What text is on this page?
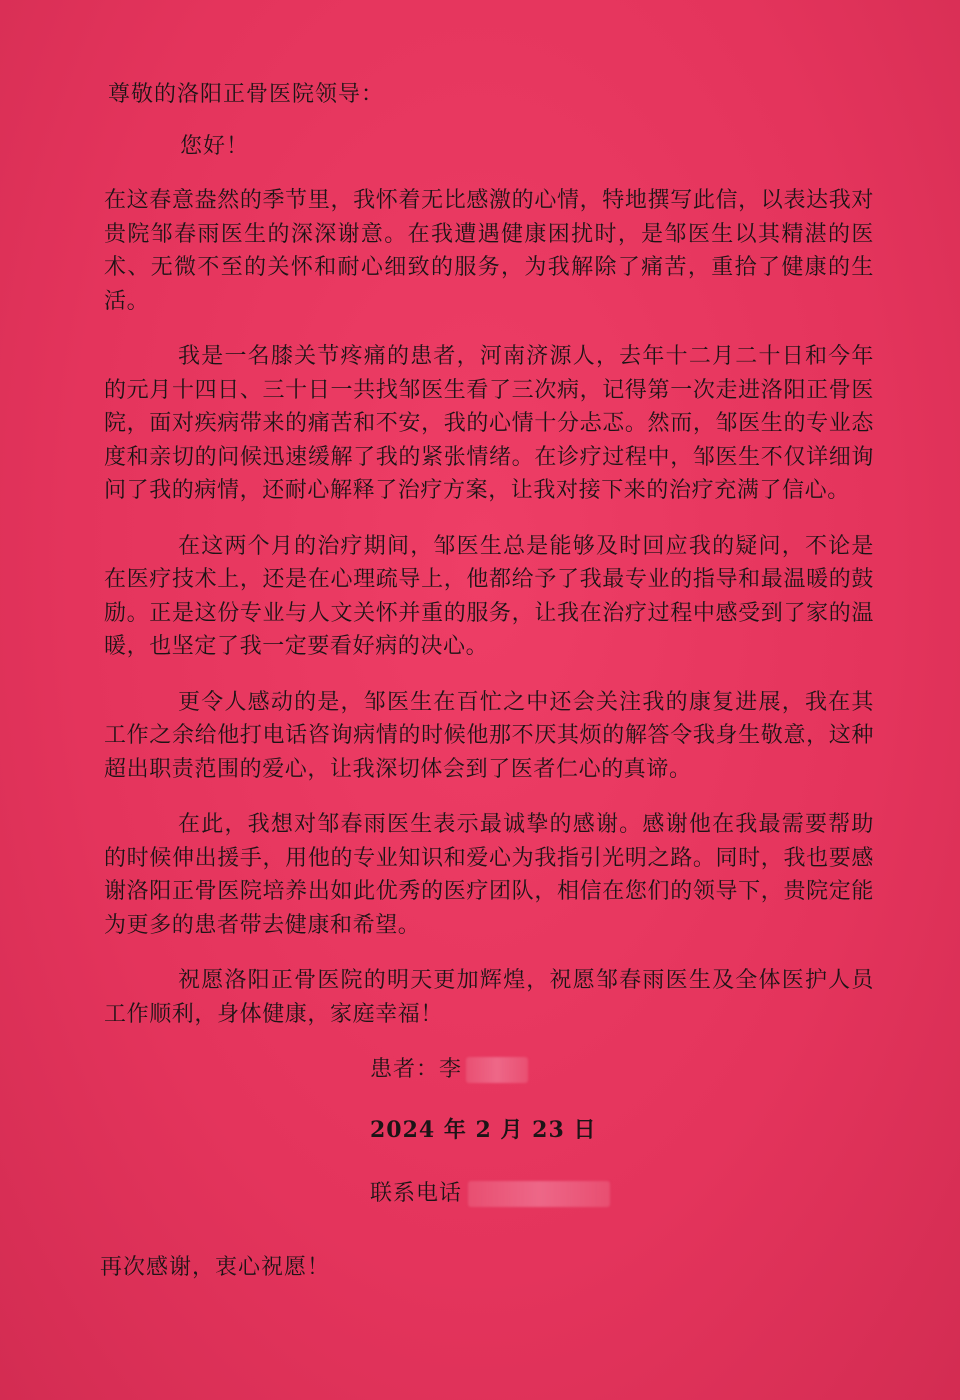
尊敬的洛阳正骨医院领导：
您好！

在这春意盎然的季节里，我怀着无比感激的心情，特地撰写此信，以表达我对贵院邹春雨医生的深深谢意。在我遭遇健康困扰时，是邹医生以其精湛的医术、无微不至的关怀和耐心细致的服务，为我解除了痛苦，重拾了健康的生活。

我是一名膝关节疼痛的患者，河南济源人，去年十二月二十日和今年的元月十四日、三十日一共找邹医生看了三次病，记得第一次走进洛阳正骨医院，面对疾病带来的痛苦和不安，我的心情十分忐忑。然而，邹医生的专业态度和亲切的问候迅速缓解了我的紧张情绪。在诊疗过程中，邹医生不仅详细询问了我的病情，还耐心解释了治疗方案，让我对接下来的治疗充满了信心。

在这两个月的治疗期间，邹医生总是能够及时回应我的疑问，不论是在医疗技术上，还是在心理疏导上，他都给予了我最专业的指导和最温暖的鼓励。正是这份专业与人文关怀并重的服务，让我在治疗过程中感受到了家的温暖，也坚定了我一定要看好病的决心。

更令人感动的是，邹医生在百忙之中还会关注我的康复进展，我在其工作之余给他打电话咨询病情的时候他那不厌其烦的解答令我身生敬意，这种超出职责范围的爱心，让我深切体会到了医者仁心的真谛。

在此，我想对邹春雨医生表示最诚挚的感谢。感谢他在我最需要帮助的时候伸出援手，用他的专业知识和爱心为我指引光明之路。同时，我也要感谢洛阳正骨医院培养出如此优秀的医疗团队，相信在您们的领导下，贵院定能为更多的患者带去健康和希望。

祝愿洛阳正骨医院的明天更加辉煌，祝愿邹春雨医生及全体医护人员工作顺利，身体健康，家庭幸福！

患者：李
2024 年 2 月 23 日
联系电话
再次感谢，衷心祝愿！
